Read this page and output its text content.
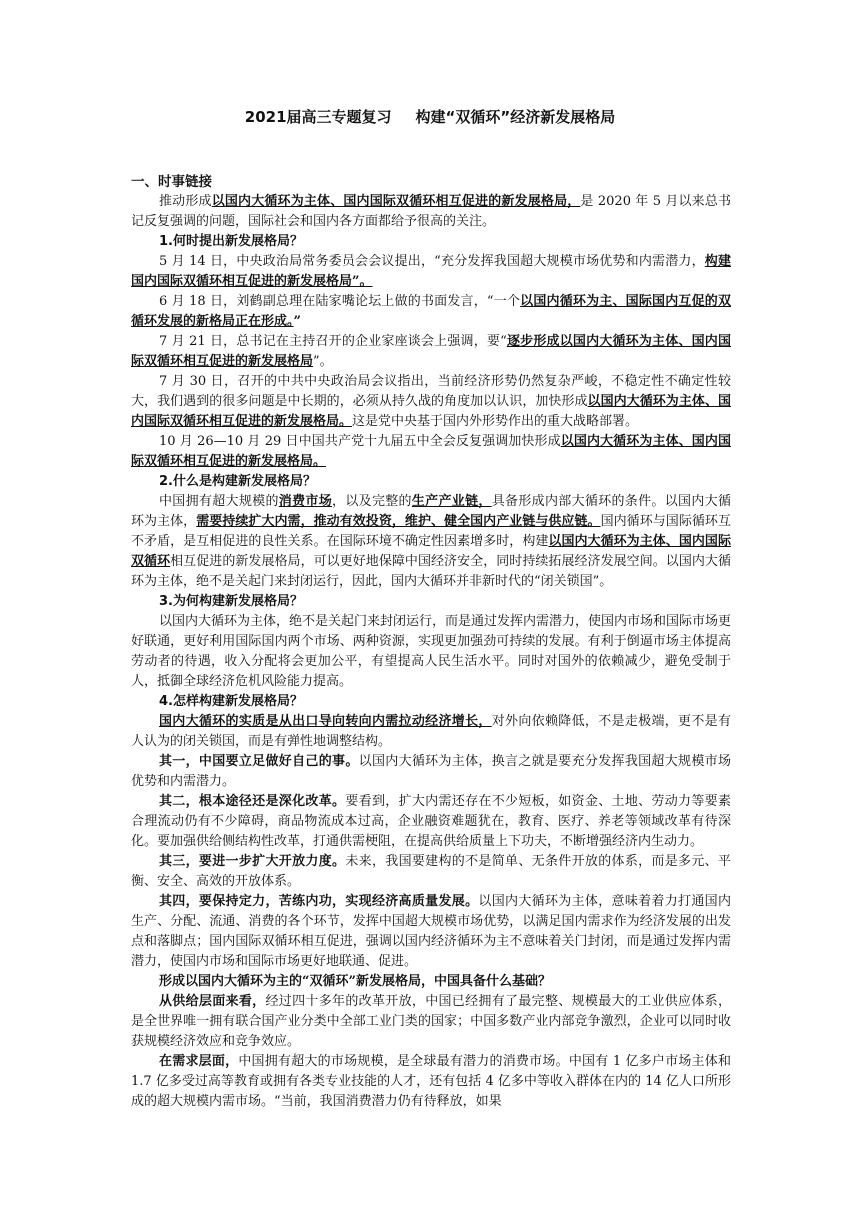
2021届高三专题复习 构建“双循环”经济新发展格局
一、时事链接

推动形成以国内大循环为主体、国内国际双循环相互促进的新发展格局，是 2020 年 5 月以来总书记反复强调的问题，国际社会和国内各方面都给予很高的关注。

1.何时提出新发展格局？

5 月 14 日，中央政治局常务委员会会议提出，“充分发挥我国超大规模市场优势和内需潜力，构建国内国际双循环相互促进的新发展格局”。

6 月 18 日，刘鹤副总理在陆家嘴论坛上做的书面发言，“一个以国内循环为主、国际国内互促的双循环发展的新格局正在形成。”

7 月 21 日，总书记在主持召开的企业家座谈会上强调，要“逐步形成以国内大循环为主体、国内国际双循环相互促进的新发展格局”。

7 月 30 日，召开的中共中央政治局会议指出，当前经济形势仍然复杂严峻，不稳定性不确定性较大，我们遇到的很多问题是中长期的，必须从持久战的角度加以认识，加快形成以国内大循环为主体、国内国际双循环相互促进的新发展格局。这是党中央基于国内外形势作出的重大战略部署。

10 月 26—10 月 29 日中国共产党十九届五中全会反复强调加快形成以国内大循环为主体、国内国际双循环相互促进的新发展格局。

2.什么是构建新发展格局？

中国拥有超大规模的消费市场，以及完整的生产产业链，具备形成内部大循环的条件。以国内大循环为主体，需要持续扩大内需，推动有效投资，维护、健全国内产业链与供应链。国内循环与国际循环互不矛盾，是互相促进的良性关系。在国际环境不确定性因素增多时，构建以国内大循环为主体、国内国际双循环相互促进的新发展格局，可以更好地保障中国经济安全，同时持续拓展经济发展空间。以国内大循环为主体，绝不是关起门来封闭运行，因此，国内大循环并非新时代的“闭关锁国”。

3.为何构建新发展格局？

以国内大循环为主体，绝不是关起门来封闭运行，而是通过发挥内需潜力，使国内市场和国际市场更好联通，更好利用国际国内两个市场、两种资源，实现更加强劲可持续的发展。有利于倒逼市场主体提高劳动者的待遇，收入分配将会更加公平，有望提高人民生活水平。同时对国外的依赖减少，避免受制于人，抵御全球经济危机风险能力提高。

4.怎样构建新发展格局？

国内大循环的实质是从出口导向转向内需拉动经济增长，对外向依赖降低，不是走极端，更不是有人认为的闭关锁国，而是有弹性地调整结构。

其一，中国要立足做好自己的事。以国内大循环为主体，换言之就是要充分发挥我国超大规模市场优势和内需潜力。

其二，根本途径还是深化改革。要看到，扩大内需还存在不少短板，如资金、土地、劳动力等要素合理流动仍有不少障碍，商品物流成本过高，企业融资难题犹在，教育、医疗、养老等领域改革有待深化。要加强供给侧结构性改革，打通供需梗阻，在提高供给质量上下功夫，不断增强经济内生动力。

其三，要进一步扩大开放力度。未来，我国要建构的不是简单、无条件开放的体系，而是多元、平衡、安全、高效的开放体系。

其四，要保持定力，苦练内功，实现经济高质量发展。以国内大循环为主体，意味着着力打通国内生产、分配、流通、消费的各个环节，发挥中国超大规模市场优势，以满足国内需求作为经济发展的出发点和落脚点；国内国际双循环相互促进，强调以国内经济循环为主不意味着关门封闭，而是通过发挥内需潜力，使国内市场和国际市场更好地联通、促进。

形成以国内大循环为主的“双循环”新发展格局，中国具备什么基础？

从供给层面来看，经过四十多年的改革开放，中国已经拥有了最完整、规模最大的工业供应体系，是全世界唯一拥有联合国产业分类中全部工业门类的国家；中国多数产业内部竞争激烈，企业可以同时收获规模经济效应和竞争效应。

在需求层面，中国拥有超大的市场规模，是全球最有潜力的消费市场。中国有 1 亿多户市场主体和 1.7 亿多受过高等教育或拥有各类专业技能的人才，还有包括 4 亿多中等收入群体在内的 14 亿人口所形成的超大规模内需市场。“当前，我国消费潜力仍有待释放，如果
